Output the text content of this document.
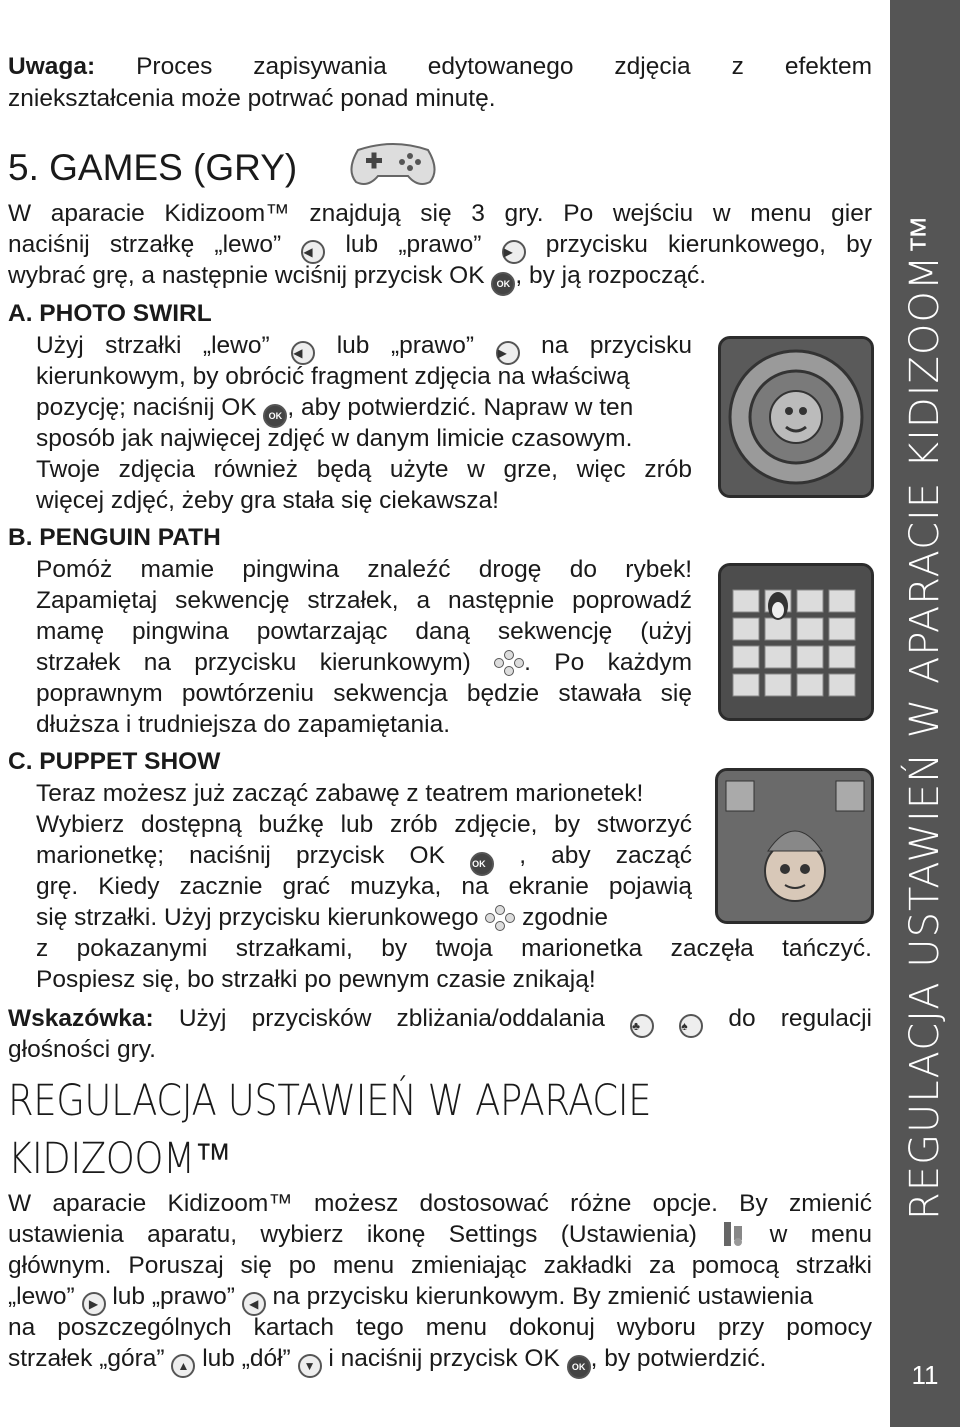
Uwaga: Proces zapisywania edytowanego zdjęcia z efektem
zniekształcenia może potrwać ponad minutę.
5. GAMES (GRY)
W aparacie Kidizoom™ znajdują się 3 gry. Po wejściu w menu gier
naciśnij strzałkę „lewo” ◀ lub „prawo” ▶ przycisku kierunkowego, by
wybrać grę, a następnie wciśnij przycisk OK OK , by ją rozpocząć.
A. PHOTO SWIRL
Użyj strzałki „lewo” ◀ lub „prawo” ▶ na przycisku
kierunkowym, by obrócić fragment zdjęcia na właściwą
pozycję; naciśnij OK OK , aby potwierdzić. Napraw w ten
sposób jak najwięcej zdjęć w danym limicie czasowym.
Twoje zdjęcia również będą użyte w grze, więc zrób
więcej zdjęć, żeby gra stała się ciekawsza!
B. PENGUIN PATH
Pomóż mamie pingwina znaleźć drogę do rybek!
Zapamiętaj sekwencję strzałek, a następnie poprowadź
mamę pingwina powtarzając daną sekwencję (użyj
strzałek na przycisku kierunkowym) . Po każdym
poprawnym powtórzeniu sekwencja będzie stawała się
dłuższa i trudniejsza do zapamiętania.
C. PUPPET SHOW
Teraz możesz już zacząć zabawę z teatrem marionetek!
Wybierz dostępną buźkę lub zrób zdjęcie, by stworzyć
marionetkę; naciśnij przycisk OK	OK , aby zacząć
grę. Kiedy zacznie grać muzyka, na ekranie pojawią
się strzałki. Użyj przycisku kierunkowego zgodnie
z pokazanymi strzałkami, by twoja marionetka zaczęła tańczyć.
Pospiesz się, bo strzałki po pewnym czasie znikają!
Wskazówka: Użyj przycisków zbliżania/oddalania ♣	♠ do regulacji
głośności gry.
REGULACJA USTAWIEŃ W APARACIE
KIDIZOOM™
W aparacie Kidizoom™ możesz dostosować różne opcje. By zmienić
ustawienia aparatu, wybierz ikonę Settings (Ustawienia)	w menu
głównym. Poruszaj się po menu zmieniając zakładki za pomocą strzałki
„lewo” ▶ lub „prawo” ◀ na przycisku kierunkowym. By zmienić ustawienia
na poszczególnych kartach tego menu dokonuj wyboru przy pomocy
strzałek „góra” ▲ lub „dół” ▼ i naciśnij przycisk OK OK , by potwierdzić.
REGULACJA USTAWIEŃ W APARACIE KIDIZOOM™
11
